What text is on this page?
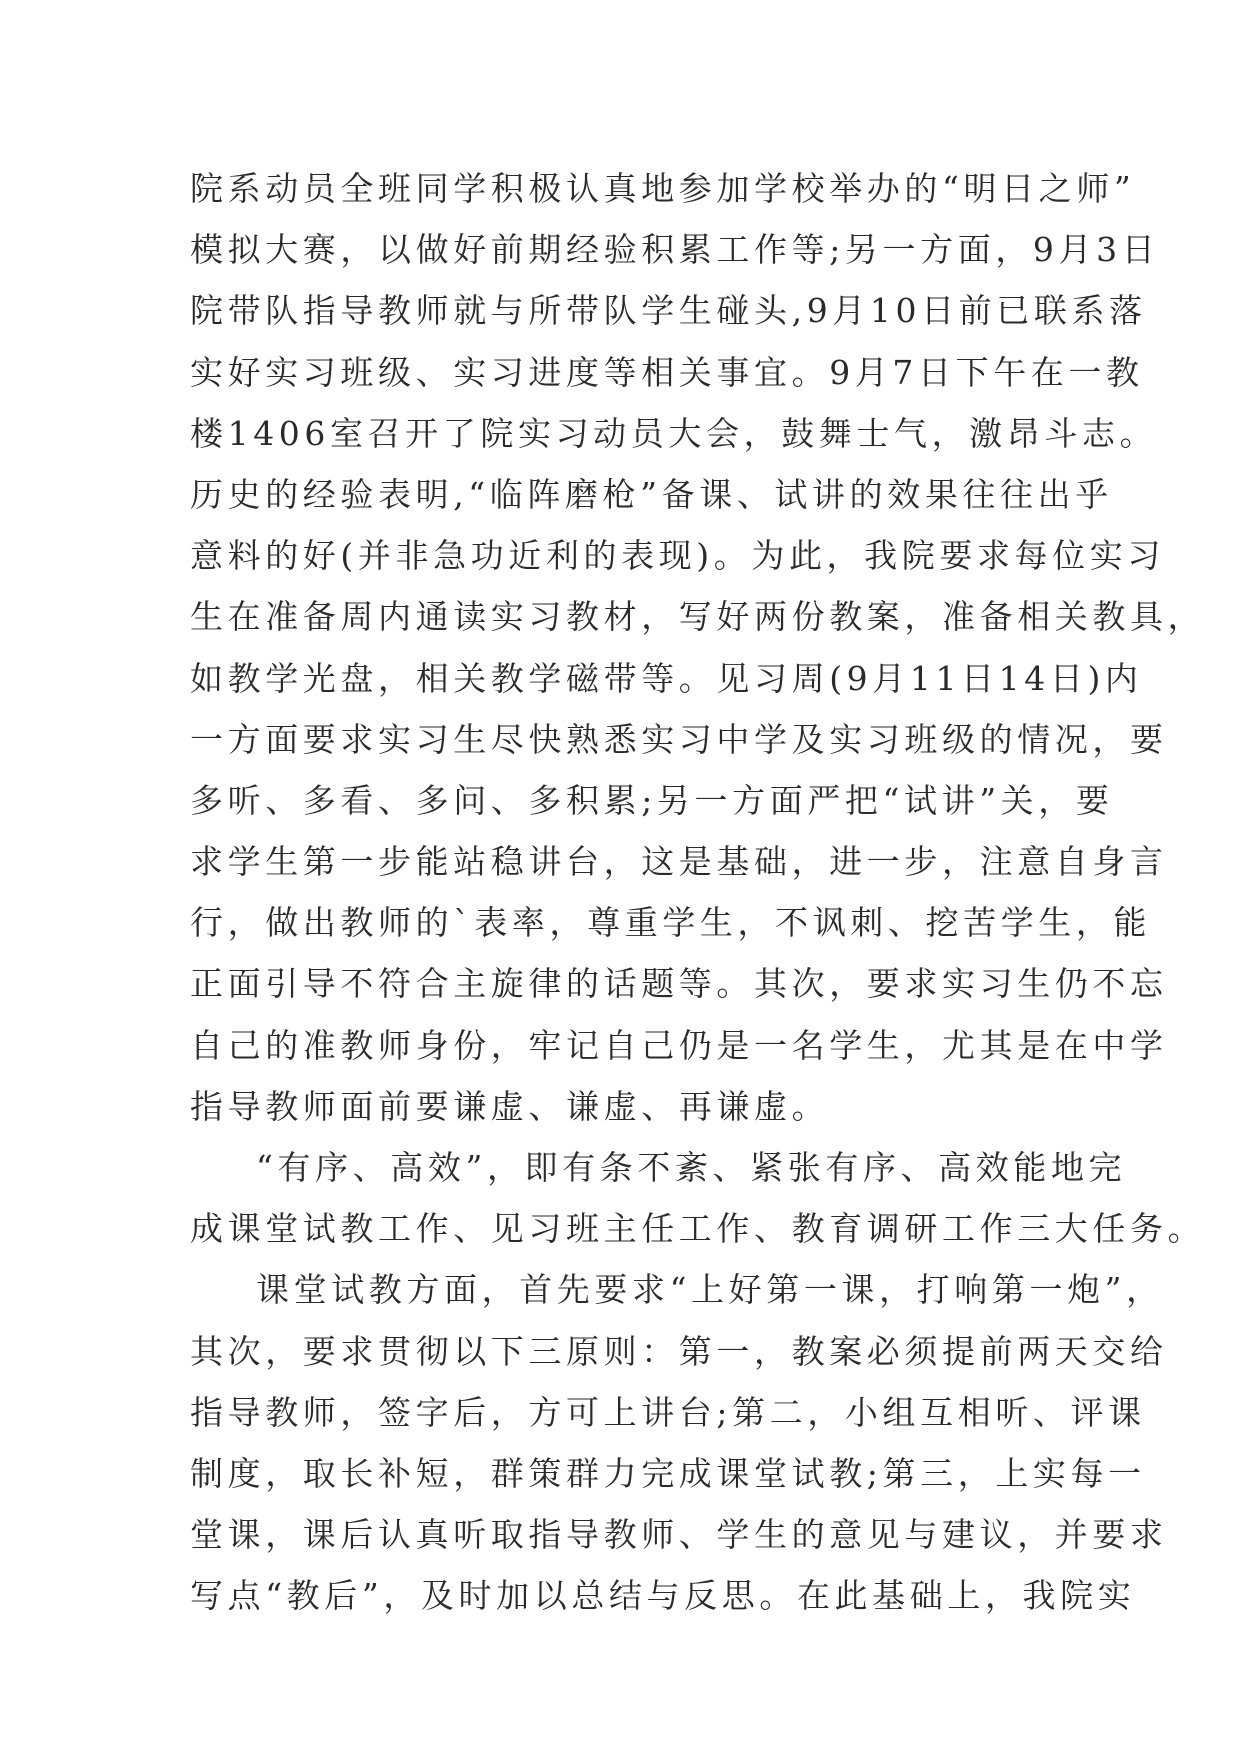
院系动员全班同学积极认真地参加学校举办的“明日之师”
模拟大赛，以做好前期经验积累工作等;另一方面，9月3日
院带队指导教师就与所带队学生碰头,9月10日前已联系落
实好实习班级、实习进度等相关事宜。9月7日下午在一教
楼1406室召开了院实习动员大会，鼓舞士气，激昂斗志。
历史的经验表明,“临阵磨枪”备课、试讲的效果往往出乎
意料的好(并非急功近利的表现)。为此，我院要求每位实习
生在准备周内通读实习教材，写好两份教案，准备相关教具，
如教学光盘，相关教学磁带等。见习周(9月11日14日)内
一方面要求实习生尽快熟悉实习中学及实习班级的情况，要
多听、多看、多问、多积累;另一方面严把“试讲”关，要
求学生第一步能站稳讲台，这是基础，进一步，注意自身言
行，做出教师的`表率，尊重学生，不讽刺、挖苦学生，能
正面引导不符合主旋律的话题等。其次，要求实习生仍不忘
自己的准教师身份，牢记自己仍是一名学生，尤其是在中学
指导教师面前要谦虚、谦虚、再谦虚。
“有序、高效”，即有条不紊、紧张有序、高效能地完
成课堂试教工作、见习班主任工作、教育调研工作三大任务。
课堂试教方面，首先要求“上好第一课，打响第一炮”，
其次，要求贯彻以下三原则：第一，教案必须提前两天交给
指导教师，签字后，方可上讲台;第二，小组互相听、评课
制度，取长补短，群策群力完成课堂试教;第三，上实每一
堂课，课后认真听取指导教师、学生的意见与建议，并要求
写点“教后”，及时加以总结与反思。在此基础上，我院实
